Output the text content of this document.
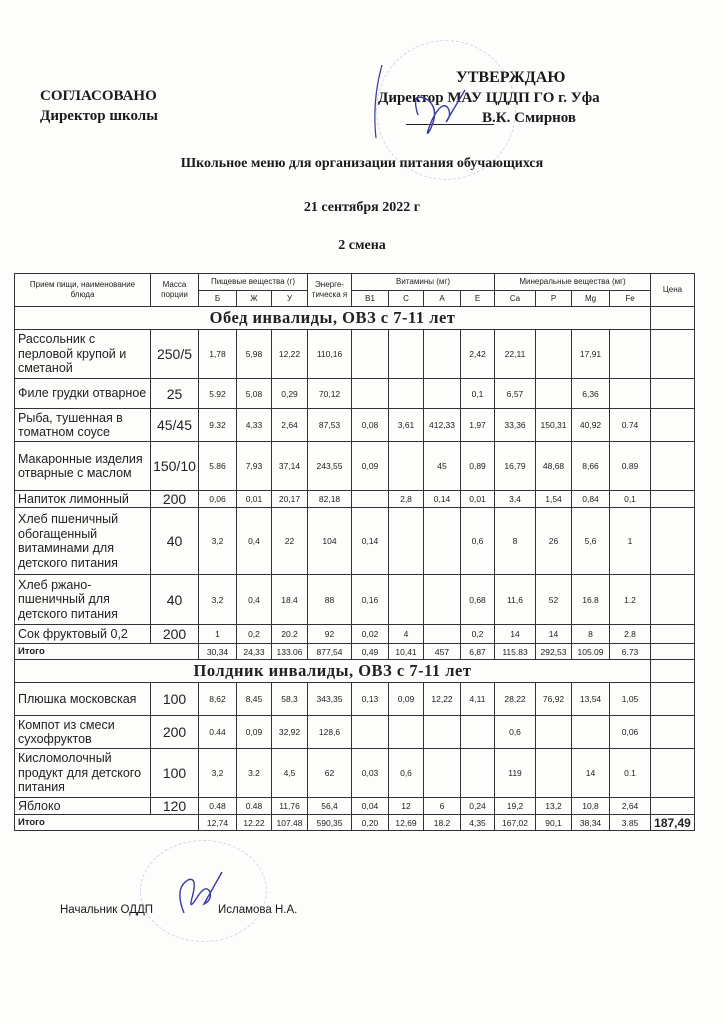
СОГЛАСОВАНО
Директор школы
УТВЕРЖДАЮ
Директор МАУ ЦДДП ГО г. Уфа
В.К. Смирнов
Школьное меню для организации питания обучающихся
21 сентября 2022 г
2 смена
Прием пищи, наименование блюда	Масса порции	Пищевые вещества (г)			Энерге-тическа я	Витамины (мг)				Минеральные вещества (мг)				Цена
		Б	Ж	У		B1	C	A	E	Ca	P	Mg	Fe	
Обед инвалиды, ОВЗ с 7-11 лет														
Рассольник с перловой крупой и сметаной	250/5	1,78	5,98	12,22	110,16				2,42	22,11		17,91		
Филе грудки отварное	25	5.92	5,08	0,29	70,12				0,1	6,57		6,36		
Рыба, тушенная в томатном соусе	45/45	9.32	4,33	2,64	87,53	0,08	3,61	412,33	1,97	33,36	150,31	40,92	0.74	
Макаронные изделия отварные с маслом	150/10	5.86	7,93	37,14	243,55	0,09		45	0,89	16,79	48,68	8,66	0.89	
Напиток лимонный	200	0,06	0,01	20,17	82,18		2,8	0,14	0,01	3,4	1,54	0,84	0,1	
Хлеб пшеничный обогащенный витаминами для детского питания	40	3,2	0,4	22	104	0,14			0,6	8	26	5,6	1	
Хлеб ржано-пшеничный для детского питания	40	3,2	0,4	18.4	88	0,16			0,68	11,6	52	16.8	1.2	
Сок фруктовый 0,2	200	1	0,2	20.2	92	0,02	4		0,2	14	14	8	2.8	
Итого		30,34	24,33	133.06	877,54	0,49	10,41	457	6,87	115.83	292,53	105.09	6.73	
Полдник инвалиды, ОВЗ с 7-11 лет														
Плюшка московская	100	8,62	8,45	58,3	343,35	0,13	0,09	12,22	4,11	28,22	76,92	13,54	1,05	
Компот из смеси сухофруктов	200	0.44	0,09	32,92	128,6					0,6			0,06	
Кисломолочный продукт для детского питания	100	3,2	3.2	4,5	62	0,03	0,6			119		14	0.1	
Яблоко	120	0.48	0.48	11,76	56,4	0,04	12	6	0,24	19,2	13,2	10,8	2,64	
Итого		12,74	12.22	107.48	590,35	0,20	12,69	18.2	4,35	167,02	90,1	38,34	3.85	187,49
Начальник ОДДП	Исламова Н.А.
